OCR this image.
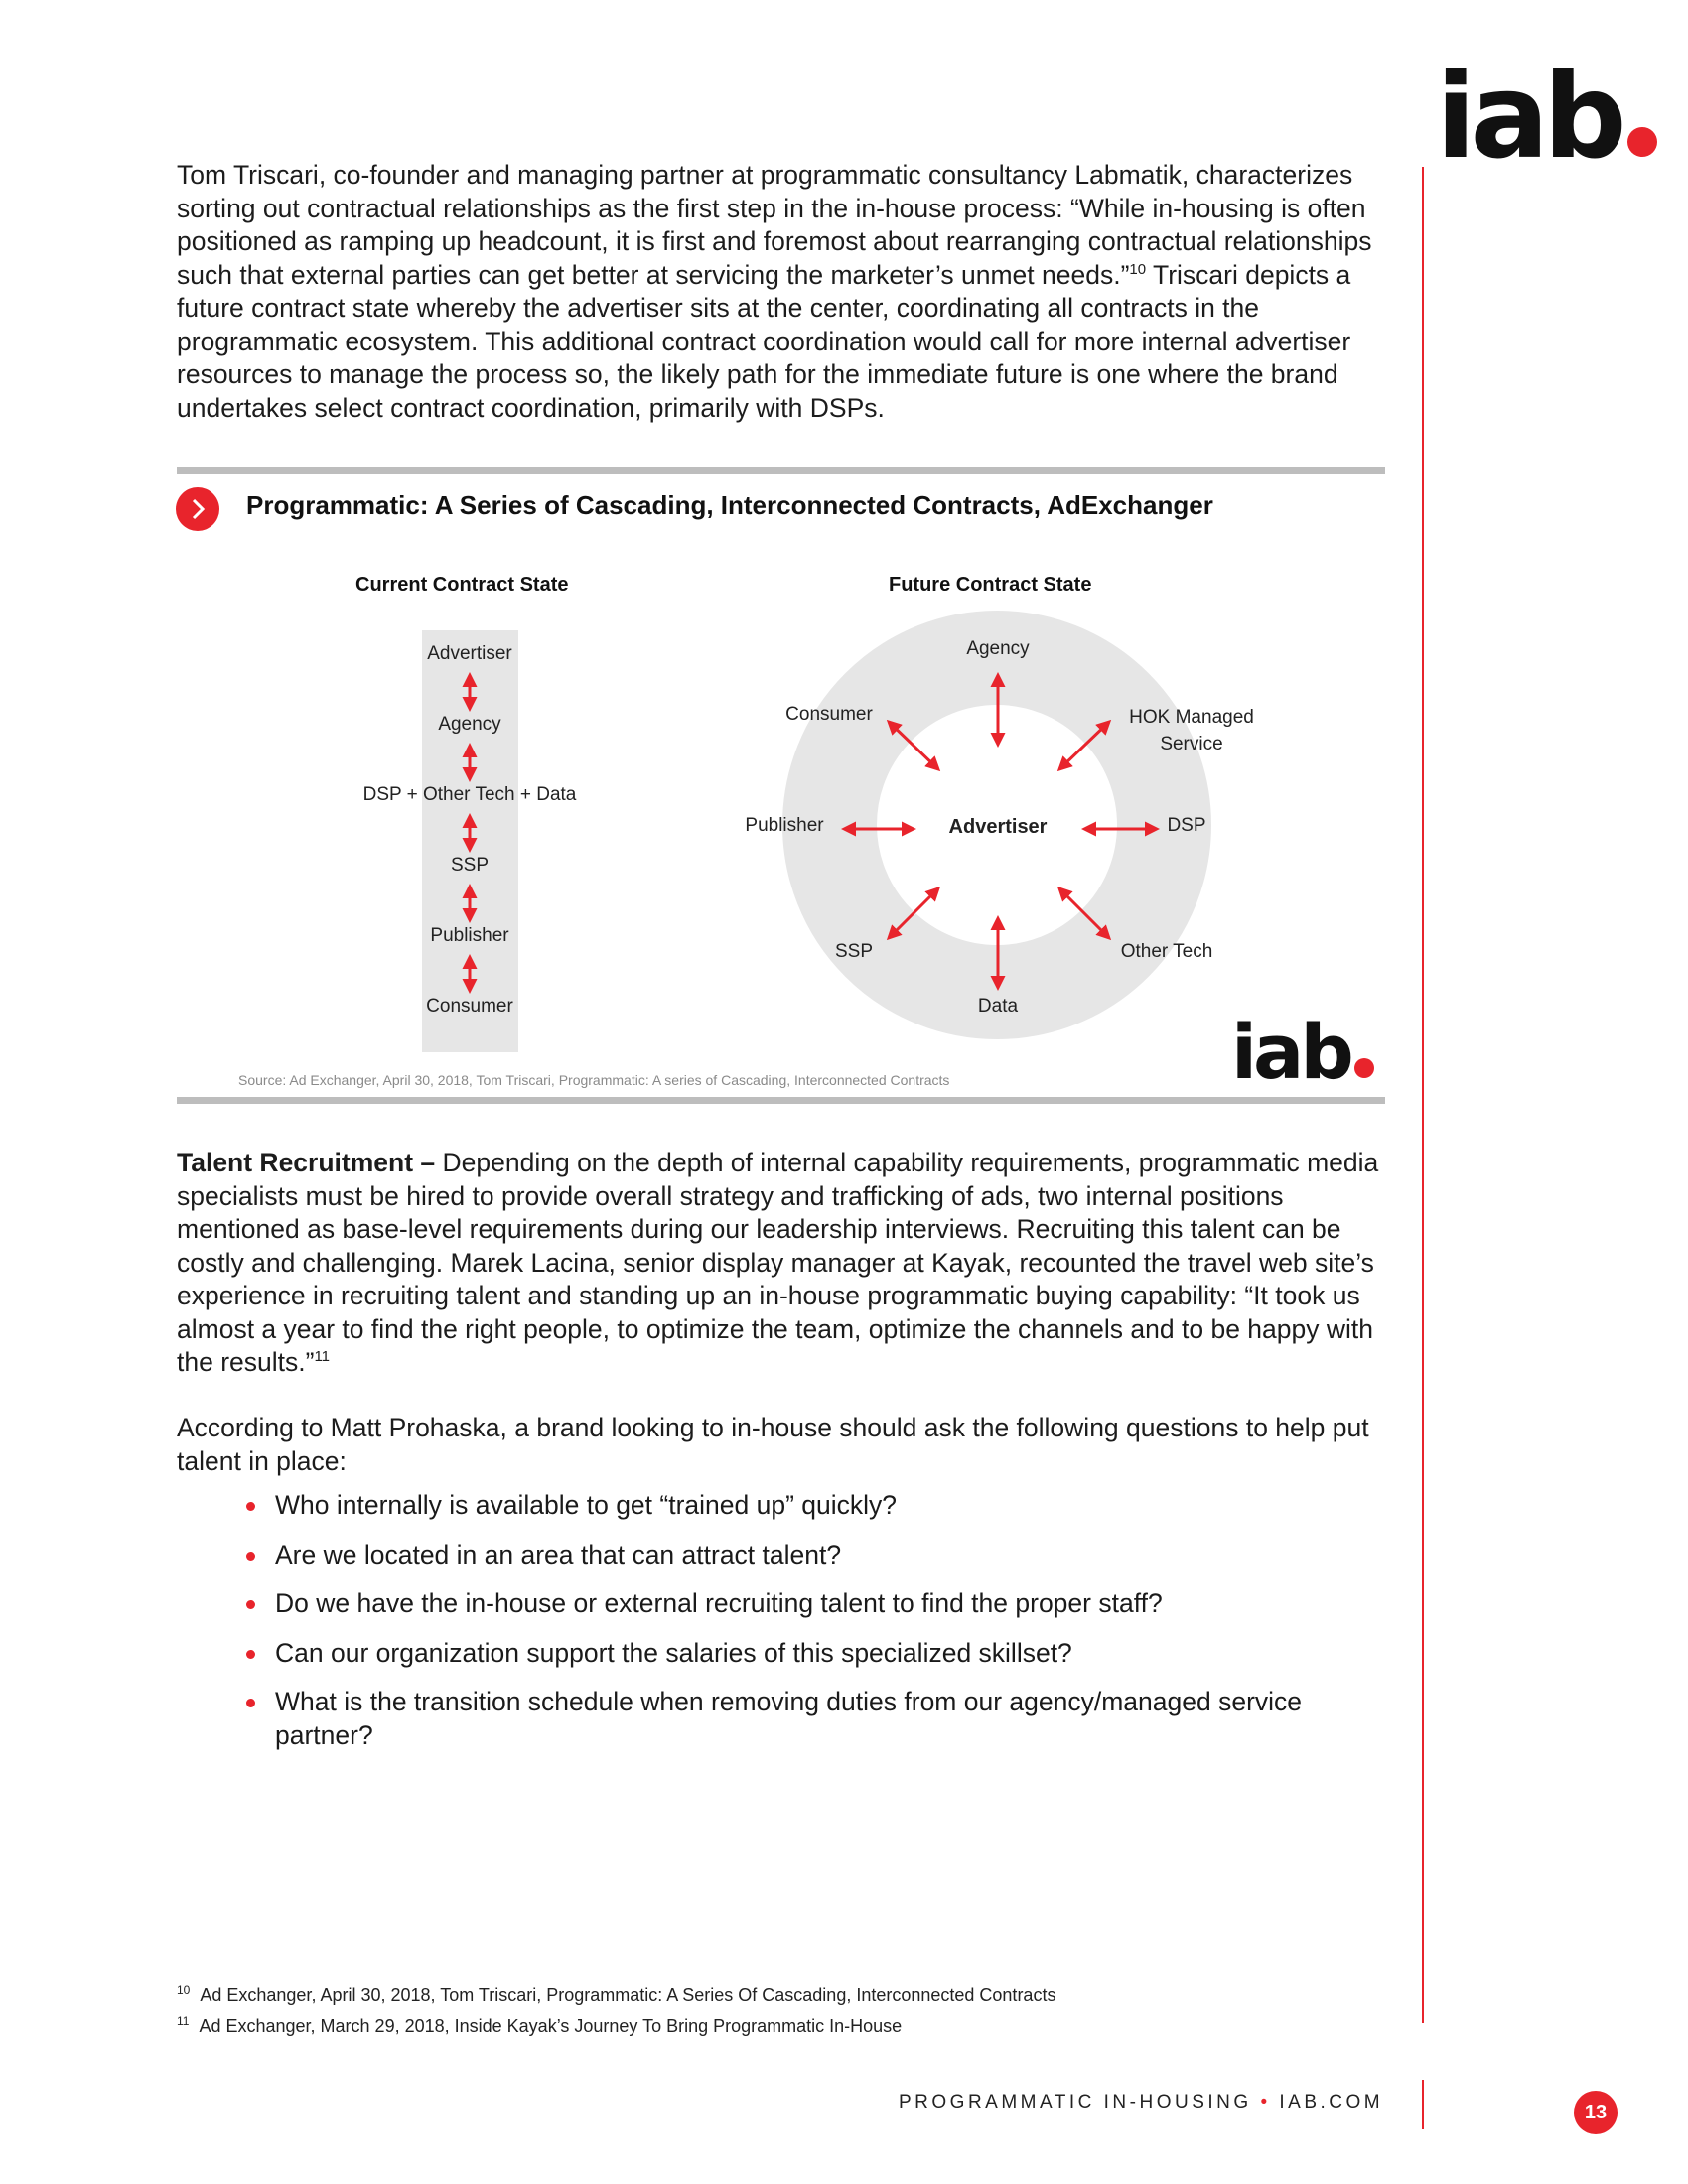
iab

Tom Triscari, co-founder and managing partner at programmatic consultancy Labmatik, characterizes sorting out contractual relationships as the first step in the in-house process: “While in-housing is often positioned as ramping up headcount, it is first and foremost about rearranging contractual relationships such that external parties can get better at servicing the marketer’s unmet needs.”$^{10}$ Triscari depicts a future contract state whereby the advertiser sits at the center, coordinating all contracts in the programmatic ecosystem. This additional contract coordination would call for more internal advertiser resources to manage the process so, the likely path for the immediate future is one where the brand undertakes select contract coordination, primarily with DSPs.

Programmatic: A Series of Cascading, Interconnected Contracts, AdExchanger
Current Contract State
Advertiser
Agency
DSP + Other Tech + Data
SSP
Publisher
Consumer
Future Contract State
Agency
Consumer	HOK Managed Service
Publisher	Advertiser	DSP
SSP	Other Tech
Data
iab
Source: Ad Exchanger, April 30, 2018, Tom Triscari, Programmatic: A series of Cascading, Interconnected Contracts

Talent Recruitment – Depending on the depth of internal capability requirements, programmatic media specialists must be hired to provide overall strategy and trafficking of ads, two internal positions mentioned as base-level requirements during our leadership interviews. Recruiting this talent can be costly and challenging. Marek Lacina, senior display manager at Kayak, recounted the travel web site’s experience in recruiting talent and standing up an in-house programmatic buying capability: “It took us almost a year to find the right people, to optimize the team, optimize the channels and to be happy with the results.”$^{11}$

According to Matt Prohaska, a brand looking to in-house should ask the following questions to help put talent in place:

Who internally is available to get “trained up” quickly?
Are we located in an area that can attract talent?
Do we have the in-house or external recruiting talent to find the proper staff?
Can our organization support the salaries of this specialized skillset?
What is the transition schedule when removing duties from our agency/managed service partner?
$^{10}$ Ad Exchanger, April 30, 2018, Tom Triscari, Programmatic: A Series Of Cascading, Interconnected Contracts
$^{11}$ Ad Exchanger, March 29, 2018, Inside Kayak’s Journey To Bring Programmatic In-House
PROGRAMMATIC IN-HOUSING • IAB.COM	13
